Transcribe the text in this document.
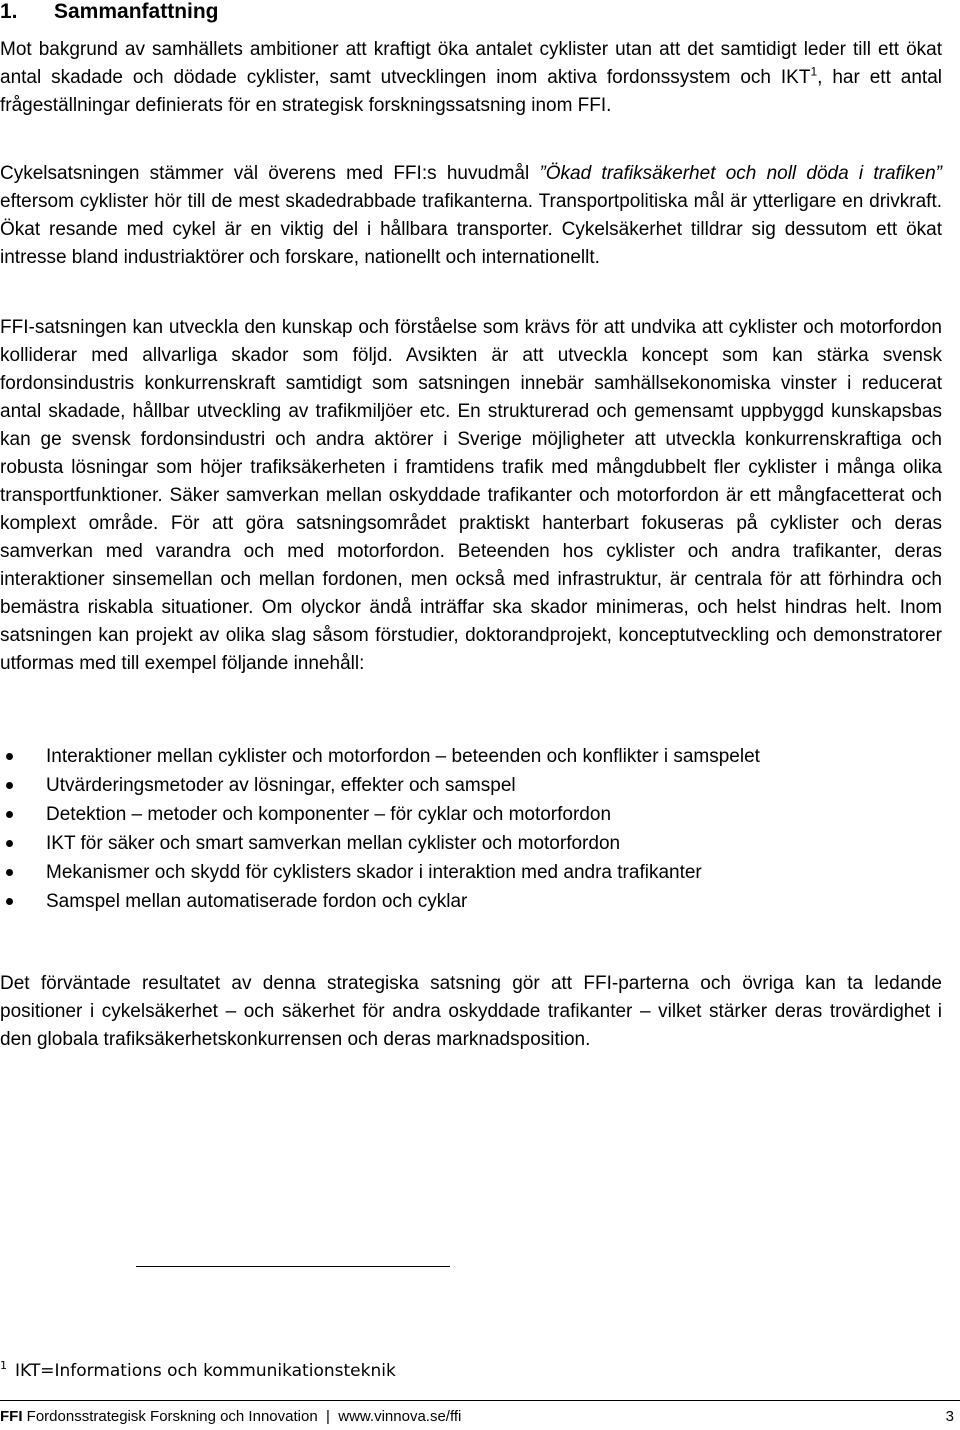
1. Sammanfattning

Mot bakgrund av samhällets ambitioner att kraftigt öka antalet cyklister utan att det samtidigt leder till ett ökat antal skadade och dödade cyklister, samt utvecklingen inom aktiva fordonssystem och IKT$^1$, har ett antal frågeställningar definierats för en strategisk forskningssatsning inom FFI.

Cykelsatsningen stämmer väl överens med FFI:s huvudmål ”Ökad trafiksäkerhet och noll döda i trafiken” eftersom cyklister hör till de mest skadedrabbade trafikanterna. Transportpolitiska mål är ytterligare en drivkraft. Ökat resande med cykel är en viktig del i hållbara transporter. Cykelsäkerhet tilldrar sig dessutom ett ökat intresse bland industriaktörer och forskare, nationellt och internationellt.

FFI-satsningen kan utveckla den kunskap och förståelse som krävs för att undvika att cyklister och motorfordon kolliderar med allvarliga skador som följd. Avsikten är att utveckla koncept som kan stärka svensk fordonsindustris konkurrenskraft samtidigt som satsningen innebär samhällsekonomiska vinster i reducerat antal skadade, hållbar utveckling av trafikmiljöer etc. En strukturerad och gemensamt uppbyggd kunskapsbas kan ge svensk fordonsindustri och andra aktörer i Sverige möjligheter att utveckla konkurrenskraftiga och robusta lösningar som höjer trafiksäkerheten i framtidens trafik med mångdubbelt fler cyklister i många olika transportfunktioner. Säker samverkan mellan oskyddade trafikanter och motorfordon är ett mångfacetterat och komplext område. För att göra satsningsområdet praktiskt hanterbart fokuseras på cyklister och deras samverkan med varandra och med motorfordon. Beteenden hos cyklister och andra trafikanter, deras interaktioner sinsemellan och mellan fordonen, men också med infrastruktur, är centrala för att förhindra och bemästra riskabla situationer. Om olyckor ändå inträffar ska skador minimeras, och helst hindras helt. Inom satsningen kan projekt av olika slag såsom förstudier, doktorandprojekt, konceptutveckling och demonstratorer utformas med till exempel följande innehåll:

Interaktioner mellan cyklister och motorfordon – beteenden och konflikter i samspelet
Utvärderingsmetoder av lösningar, effekter och samspel
Detektion – metoder och komponenter – för cyklar och motorfordon
IKT för säker och smart samverkan mellan cyklister och motorfordon
Mekanismer och skydd för cyklisters skador i interaktion med andra trafikanter
Samspel mellan automatiserade fordon och cyklar

Det förväntade resultatet av denna strategiska satsning gör att FFI-parterna och övriga kan ta ledande positioner i cykelsäkerhet – och säkerhet för andra oskyddade trafikanter – vilket stärker deras trovärdighet i den globala trafiksäkerhetskonkurrensen och deras marknadsposition.

$^1$ IKT=Informations och kommunikationsteknik
FFI Fordonsstrategisk Forskning och Innovation | www.vinnova.se/ffi	3
